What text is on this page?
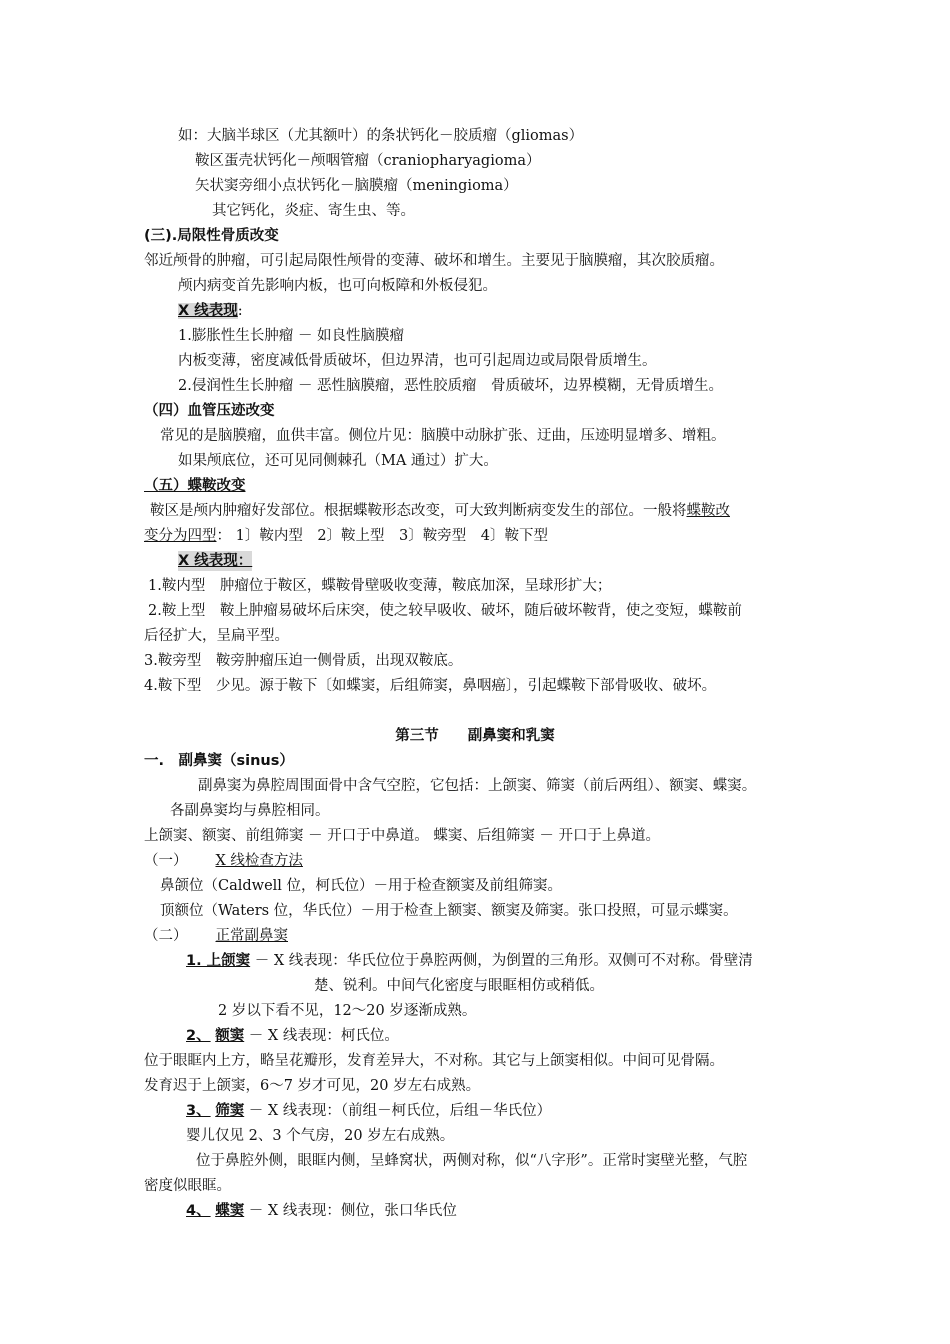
如：大脑半球区（尤其额叶）的条状钙化－胶质瘤（gliomas）
鞍区蛋壳状钙化－颅咽管瘤（craniopharyagioma）
矢状窦旁细小点状钙化－脑膜瘤（meningioma）
其它钙化，炎症、寄生虫、等。
(三).局限性骨质改变
邻近颅骨的肿瘤，可引起局限性颅骨的变薄、破坏和增生。主要见于脑膜瘤，其次胶质瘤。
颅内病变首先影响内板，也可向板障和外板侵犯。
X 线表现:
1.膨胀性生长肿瘤 － 如良性脑膜瘤
内板变薄，密度减低骨质破坏，但边界清，也可引起周边或局限骨质增生。
2.侵润性生长肿瘤 － 恶性脑膜瘤，恶性胶质瘤　骨质破坏，边界模糊，无骨质增生。
（四）血管压迹改变
常见的是脑膜瘤，血供丰富。侧位片见：脑膜中动脉扩张、迂曲，压迹明显增多、增粗。
如果颅底位，还可见同侧棘孔（MA 通过）扩大。
（五）蝶鞍改变
鞍区是颅内肿瘤好发部位。根据蝶鞍形态改变，可大致判断病变发生的部位。一般将蝶鞍改
变分为四型： 1〕鞍内型　2〕鞍上型　3〕鞍旁型　4〕鞍下型
X 线表现：
1.鞍内型　肿瘤位于鞍区，蝶鞍骨壁吸收变薄，鞍底加深，呈球形扩大；
2.鞍上型　鞍上肿瘤易破坏后床突，使之较早吸收、破坏，随后破坏鞍背，使之变短，蝶鞍前
后径扩大，呈扁平型。
3.鞍旁型　鞍旁肿瘤压迫一侧骨质，出现双鞍底。
4.鞍下型　少见。源于鞍下〔如蝶窦，后组筛窦，鼻咽癌〕，引起蝶鞍下部骨吸收、破坏。
第三节　　副鼻窦和乳窦
一.　副鼻窦（sinus）
副鼻窦为鼻腔周围面骨中含气空腔，它包括：上颌窦、筛窦（前后两组）、额窦、蝶窦。
各副鼻窦均与鼻腔相同。
上颌窦、额窦、前组筛窦 － 开口于中鼻道。 蝶窦、后组筛窦 － 开口于上鼻道。
（一） X 线检查方法
鼻颌位（Caldwell 位，柯氏位）－用于检查额窦及前组筛窦。
顶额位（Waters 位，华氏位）－用于检查上额窦、额窦及筛窦。张口投照，可显示蝶窦。
（二） 正常副鼻窦
1. 上颌窦 － X 线表现：华氏位位于鼻腔两侧，为倒置的三角形。双侧可不对称。骨壁清
楚、锐利。中间气化密度与眼眶相仿或稍低。
2 岁以下看不见，12～20 岁逐渐成熟。
2、 额窦 － X 线表现：柯氏位。
位于眼眶内上方，略呈花瓣形，发育差异大，不对称。其它与上颌窦相似。中间可见骨隔。
发育迟于上颌窦，6～7 岁才可见，20 岁左右成熟。
3、 筛窦 － X 线表现：（前组－柯氏位，后组－华氏位）
婴儿仅见 2、3 个气房，20 岁左右成熟。
位于鼻腔外侧，眼眶内侧，呈蜂窝状，两侧对称，似“八字形”。正常时窦壁光整，气腔
密度似眼眶。
4、 蝶窦 － X 线表现：侧位，张口华氏位
